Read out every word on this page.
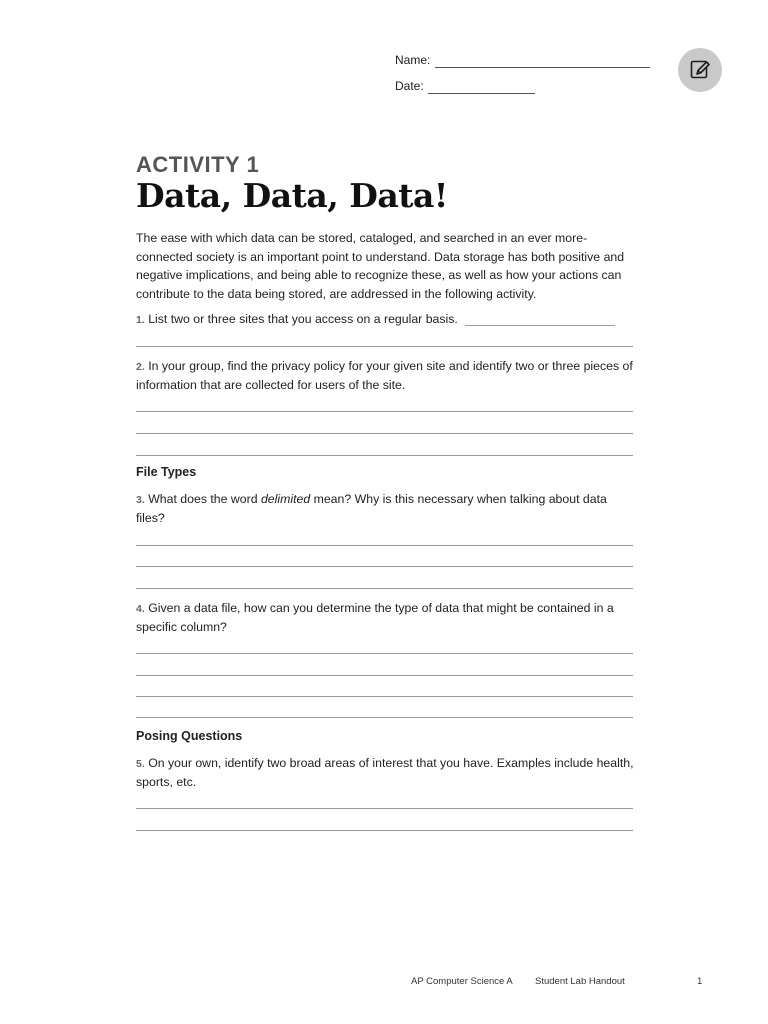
Name:
Date:
ACTIVITY 1
Data, Data, Data!
The ease with which data can be stored, cataloged, and searched in an ever more-connected society is an important point to understand. Data storage has both positive and negative implications, and being able to recognize these, as well as how your actions can contribute to the data being stored, are addressed in the following activity.
1. List two or three sites that you access on a regular basis.
2. In your group, find the privacy policy for your given site and identify two or three pieces of information that are collected for users of the site.
File Types
3. What does the word delimited mean? Why is this necessary when talking about data files?
4. Given a data file, how can you determine the type of data that might be contained in a specific column?
Posing Questions
5. On your own, identify two broad areas of interest that you have. Examples include health, sports, etc.
AP Computer Science A Student Lab Handout	1
